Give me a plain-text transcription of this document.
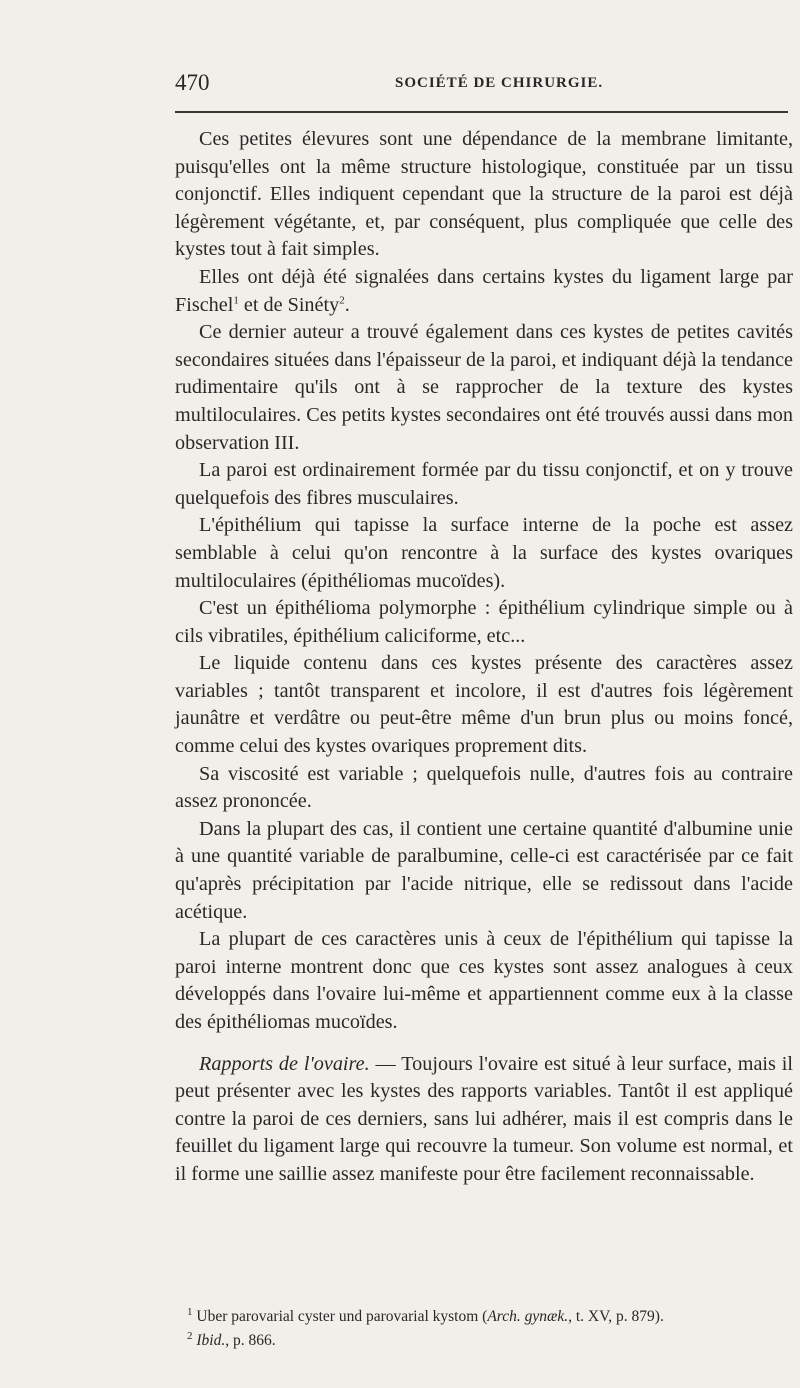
470	SOCIÉTÉ DE CHIRURGIE.

Ces petites élevures sont une dépendance de la membrane limitante, puisqu'elles ont la même structure histologique, constituée par un tissu conjonctif. Elles indiquent cependant que la structure de la paroi est déjà légèrement végétante, et, par conséquent, plus compliquée que celle des kystes tout à fait simples.

Elles ont déjà été signalées dans certains kystes du ligament large par Fischel$^1$ et de Sinéty$^2$.

Ce dernier auteur a trouvé également dans ces kystes de petites cavités secondaires situées dans l'épaisseur de la paroi, et indiquant déjà la tendance rudimentaire qu'ils ont à se rapprocher de la texture des kystes multiloculaires. Ces petits kystes secondaires ont été trouvés aussi dans mon observation III.

La paroi est ordinairement formée par du tissu conjonctif, et on y trouve quelquefois des fibres musculaires.

L'épithélium qui tapisse la surface interne de la poche est assez semblable à celui qu'on rencontre à la surface des kystes ovariques multiloculaires (épithéliomas mucoïdes).

C'est un épithélioma polymorphe : épithélium cylindrique simple ou à cils vibratiles, épithélium caliciforme, etc...

Le liquide contenu dans ces kystes présente des caractères assez variables ; tantôt transparent et incolore, il est d'autres fois légèrement jaunâtre et verdâtre ou peut-être même d'un brun plus ou moins foncé, comme celui des kystes ovariques proprement dits.

Sa viscosité est variable ; quelquefois nulle, d'autres fois au contraire assez prononcée.

Dans la plupart des cas, il contient une certaine quantité d'albumine unie à une quantité variable de paralbumine, celle-ci est caractérisée par ce fait qu'après précipitation par l'acide nitrique, elle se redissout dans l'acide acétique.

La plupart de ces caractères unis à ceux de l'épithélium qui tapisse la paroi interne montrent donc que ces kystes sont assez analogues à ceux développés dans l'ovaire lui-même et appartiennent comme eux à la classe des épithéliomas mucoïdes.

Rapports de l'ovaire. — Toujours l'ovaire est situé à leur surface, mais il peut présenter avec les kystes des rapports variables. Tantôt il est appliqué contre la paroi de ces derniers, sans lui adhérer, mais il est compris dans le feuillet du ligament large qui recouvre la tumeur. Son volume est normal, et il forme une saillie assez manifeste pour être facilement reconnaissable.

$^1$ Uber parovarial cyster und parovarial kystom (Arch. gynæk., t. XV, p. 879).

$^2$ Ibid., p. 866.
